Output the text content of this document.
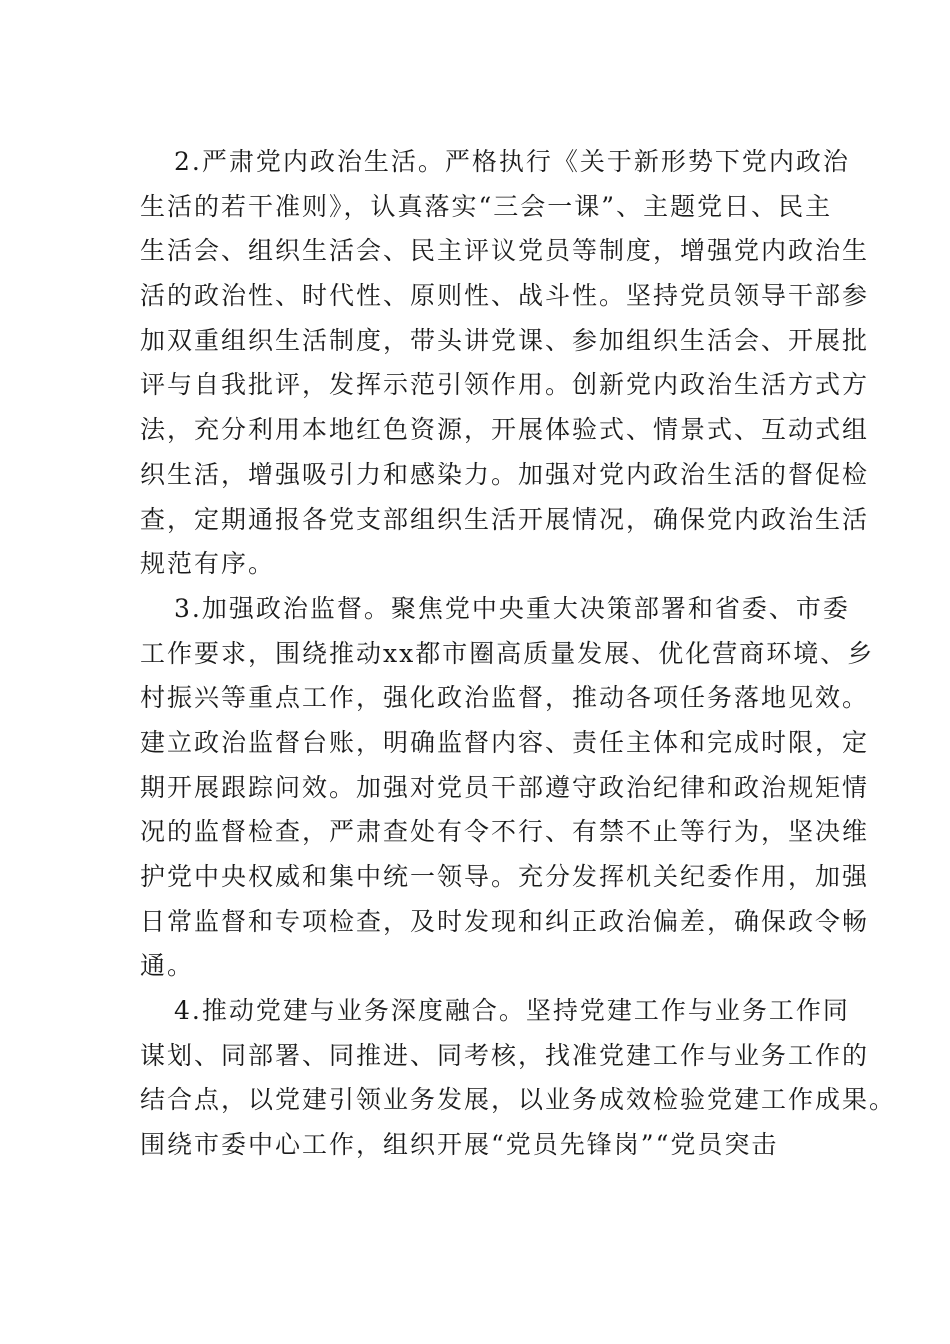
2.严肃党内政治生活。严格执行《关于新形势下党内政治
生活的若干准则》，认真落实“三会一课”、主题党日、民主
生活会、组织生活会、民主评议党员等制度，增强党内政治生
活的政治性、时代性、原则性、战斗性。坚持党员领导干部参
加双重组织生活制度，带头讲党课、参加组织生活会、开展批
评与自我批评，发挥示范引领作用。创新党内政治生活方式方
法，充分利用本地红色资源，开展体验式、情景式、互动式组
织生活，增强吸引力和感染力。加强对党内政治生活的督促检
查，定期通报各党支部组织生活开展情况，确保党内政治生活
规范有序。

3.加强政治监督。聚焦党中央重大决策部署和省委、市委
工作要求，围绕推动xx都市圈高质量发展、优化营商环境、乡
村振兴等重点工作，强化政治监督，推动各项任务落地见效。
建立政治监督台账，明确监督内容、责任主体和完成时限，定
期开展跟踪问效。加强对党员干部遵守政治纪律和政治规矩情
况的监督检查，严肃查处有令不行、有禁不止等行为，坚决维
护党中央权威和集中统一领导。充分发挥机关纪委作用，加强
日常监督和专项检查，及时发现和纠正政治偏差，确保政令畅
通。

4.推动党建与业务深度融合。坚持党建工作与业务工作同
谋划、同部署、同推进、同考核，找准党建工作与业务工作的
结合点，以党建引领业务发展，以业务成效检验党建工作成果。
围绕市委中心工作，组织开展“党员先锋岗”“党员突击
